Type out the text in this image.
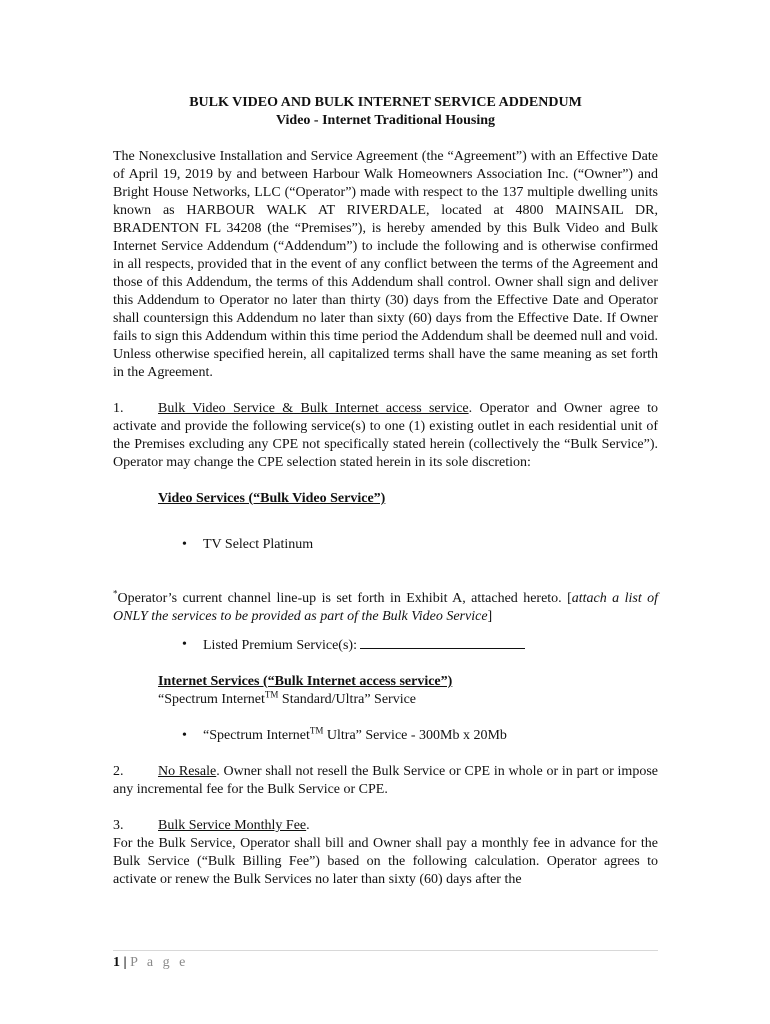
BULK VIDEO AND BULK INTERNET SERVICE ADDENDUM
Video - Internet Traditional Housing

The Nonexclusive Installation and Service Agreement (the “Agreement”) with an Effective Date of April 19, 2019 by and between Harbour Walk Homeowners Association Inc. (“Owner”) and Bright House Networks, LLC (“Operator”) made with respect to the 137 multiple dwelling units known as HARBOUR WALK AT RIVERDALE, located at 4800 MAINSAIL DR, BRADENTON FL 34208 (the “Premises”), is hereby amended by this Bulk Video and Bulk Internet Service Addendum (“Addendum”) to include the following and is otherwise confirmed in all respects, provided that in the event of any conflict between the terms of the Agreement and those of this Addendum, the terms of this Addendum shall control. Owner shall sign and deliver this Addendum to Operator no later than thirty (30) days from the Effective Date and Operator shall countersign this Addendum no later than sixty (60) days from the Effective Date. If Owner fails to sign this Addendum within this time period the Addendum shall be deemed null and void. Unless otherwise specified herein, all capitalized terms shall have the same meaning as set forth in the Agreement.

1. Bulk Video Service & Bulk Internet access service. Operator and Owner agree to activate and provide the following service(s) to one (1) existing outlet in each residential unit of the Premises excluding any CPE not specifically stated herein (collectively the “Bulk Service”). Operator may change the CPE selection stated herein in its sole discretion:

Video Services (“Bulk Video Service”)
• TV Select Platinum

*Operator’s current channel line-up is set forth in Exhibit A, attached hereto. [attach a list of ONLY the services to be provided as part of the Bulk Video Service]

• Listed Premium Service(s):
Internet Services (“Bulk Internet access service”)
“Spectrum Internet™ Standard/Ultra” Service
• “Spectrum Internet™ Ultra” Service - 300Mb x 20Mb

2. No Resale. Owner shall not resell the Bulk Service or CPE in whole or in part or impose any incremental fee for the Bulk Service or CPE.

3. Bulk Service Monthly Fee.

For the Bulk Service, Operator shall bill and Owner shall pay a monthly fee in advance for the Bulk Service (“Bulk Billing Fee”) based on the following calculation. Operator agrees to activate or renew the Bulk Services no later than sixty (60) days after the

1 | P a g e
